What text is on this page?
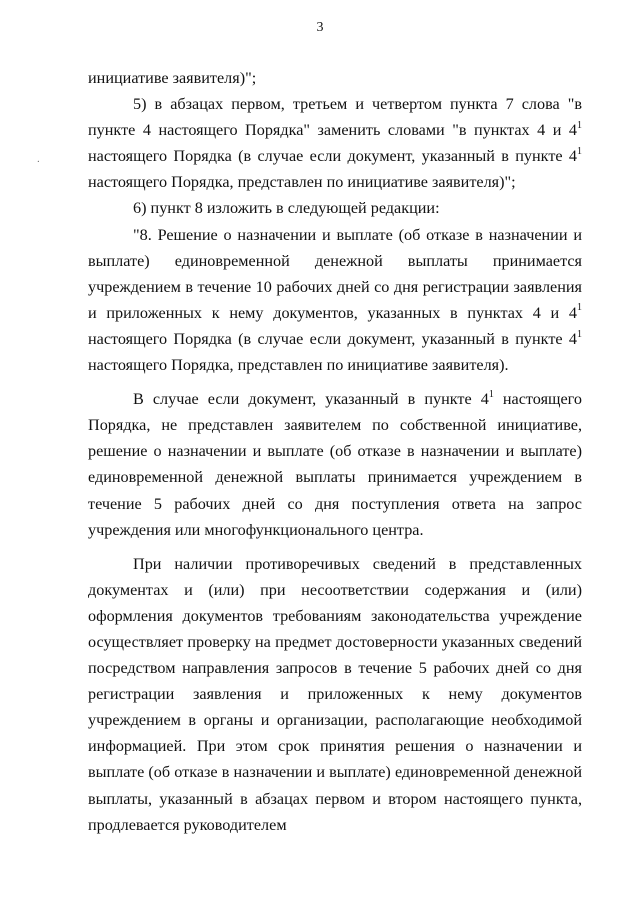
3
.

инициативе заявителя)";

5) в абзацах первом, третьем и четвертом пункта 7 слова "в пункте 4 настоящего Порядка" заменить словами "в пунктах 4 и $4^1$ настоящего Порядка (в случае если документ, указанный в пункте $4^1$ настоящего Порядка, представлен по инициативе заявителя)";

6) пункт 8 изложить в следующей редакции:

"8. Решение о назначении и выплате (об отказе в назначении и выплате) единовременной денежной выплаты принимается учреждением в течение 10 рабочих дней со дня регистрации заявления и приложенных к нему документов, указанных в пунктах 4 и $4^1$ настоящего Порядка (в случае если документ, указанный в пункте $4^1$ настоящего Порядка, представлен по инициативе заявителя).

В случае если документ, указанный в пункте $4^1$ настоящего Порядка, не представлен заявителем по собственной инициативе, решение о назначении и выплате (об отказе в назначении и выплате) единовременной денежной выплаты принимается учреждением в течение 5 рабочих дней со дня поступления ответа на запрос учреждения или многофункционального центра.

При наличии противоречивых сведений в представленных документах и (или) при несоответствии содержания и (или) оформления документов требованиям законодательства учреждение осуществляет проверку на предмет достоверности указанных сведений посредством направления запросов в течение 5 рабочих дней со дня регистрации заявления и приложенных к нему документов учреждением в органы и организации, располагающие необходимой информацией. При этом срок принятия решения о назначении и выплате (об отказе в назначении и выплате) единовременной денежной выплаты, указанный в абзацах первом и втором настоящего пункта, продлевается руководителем
